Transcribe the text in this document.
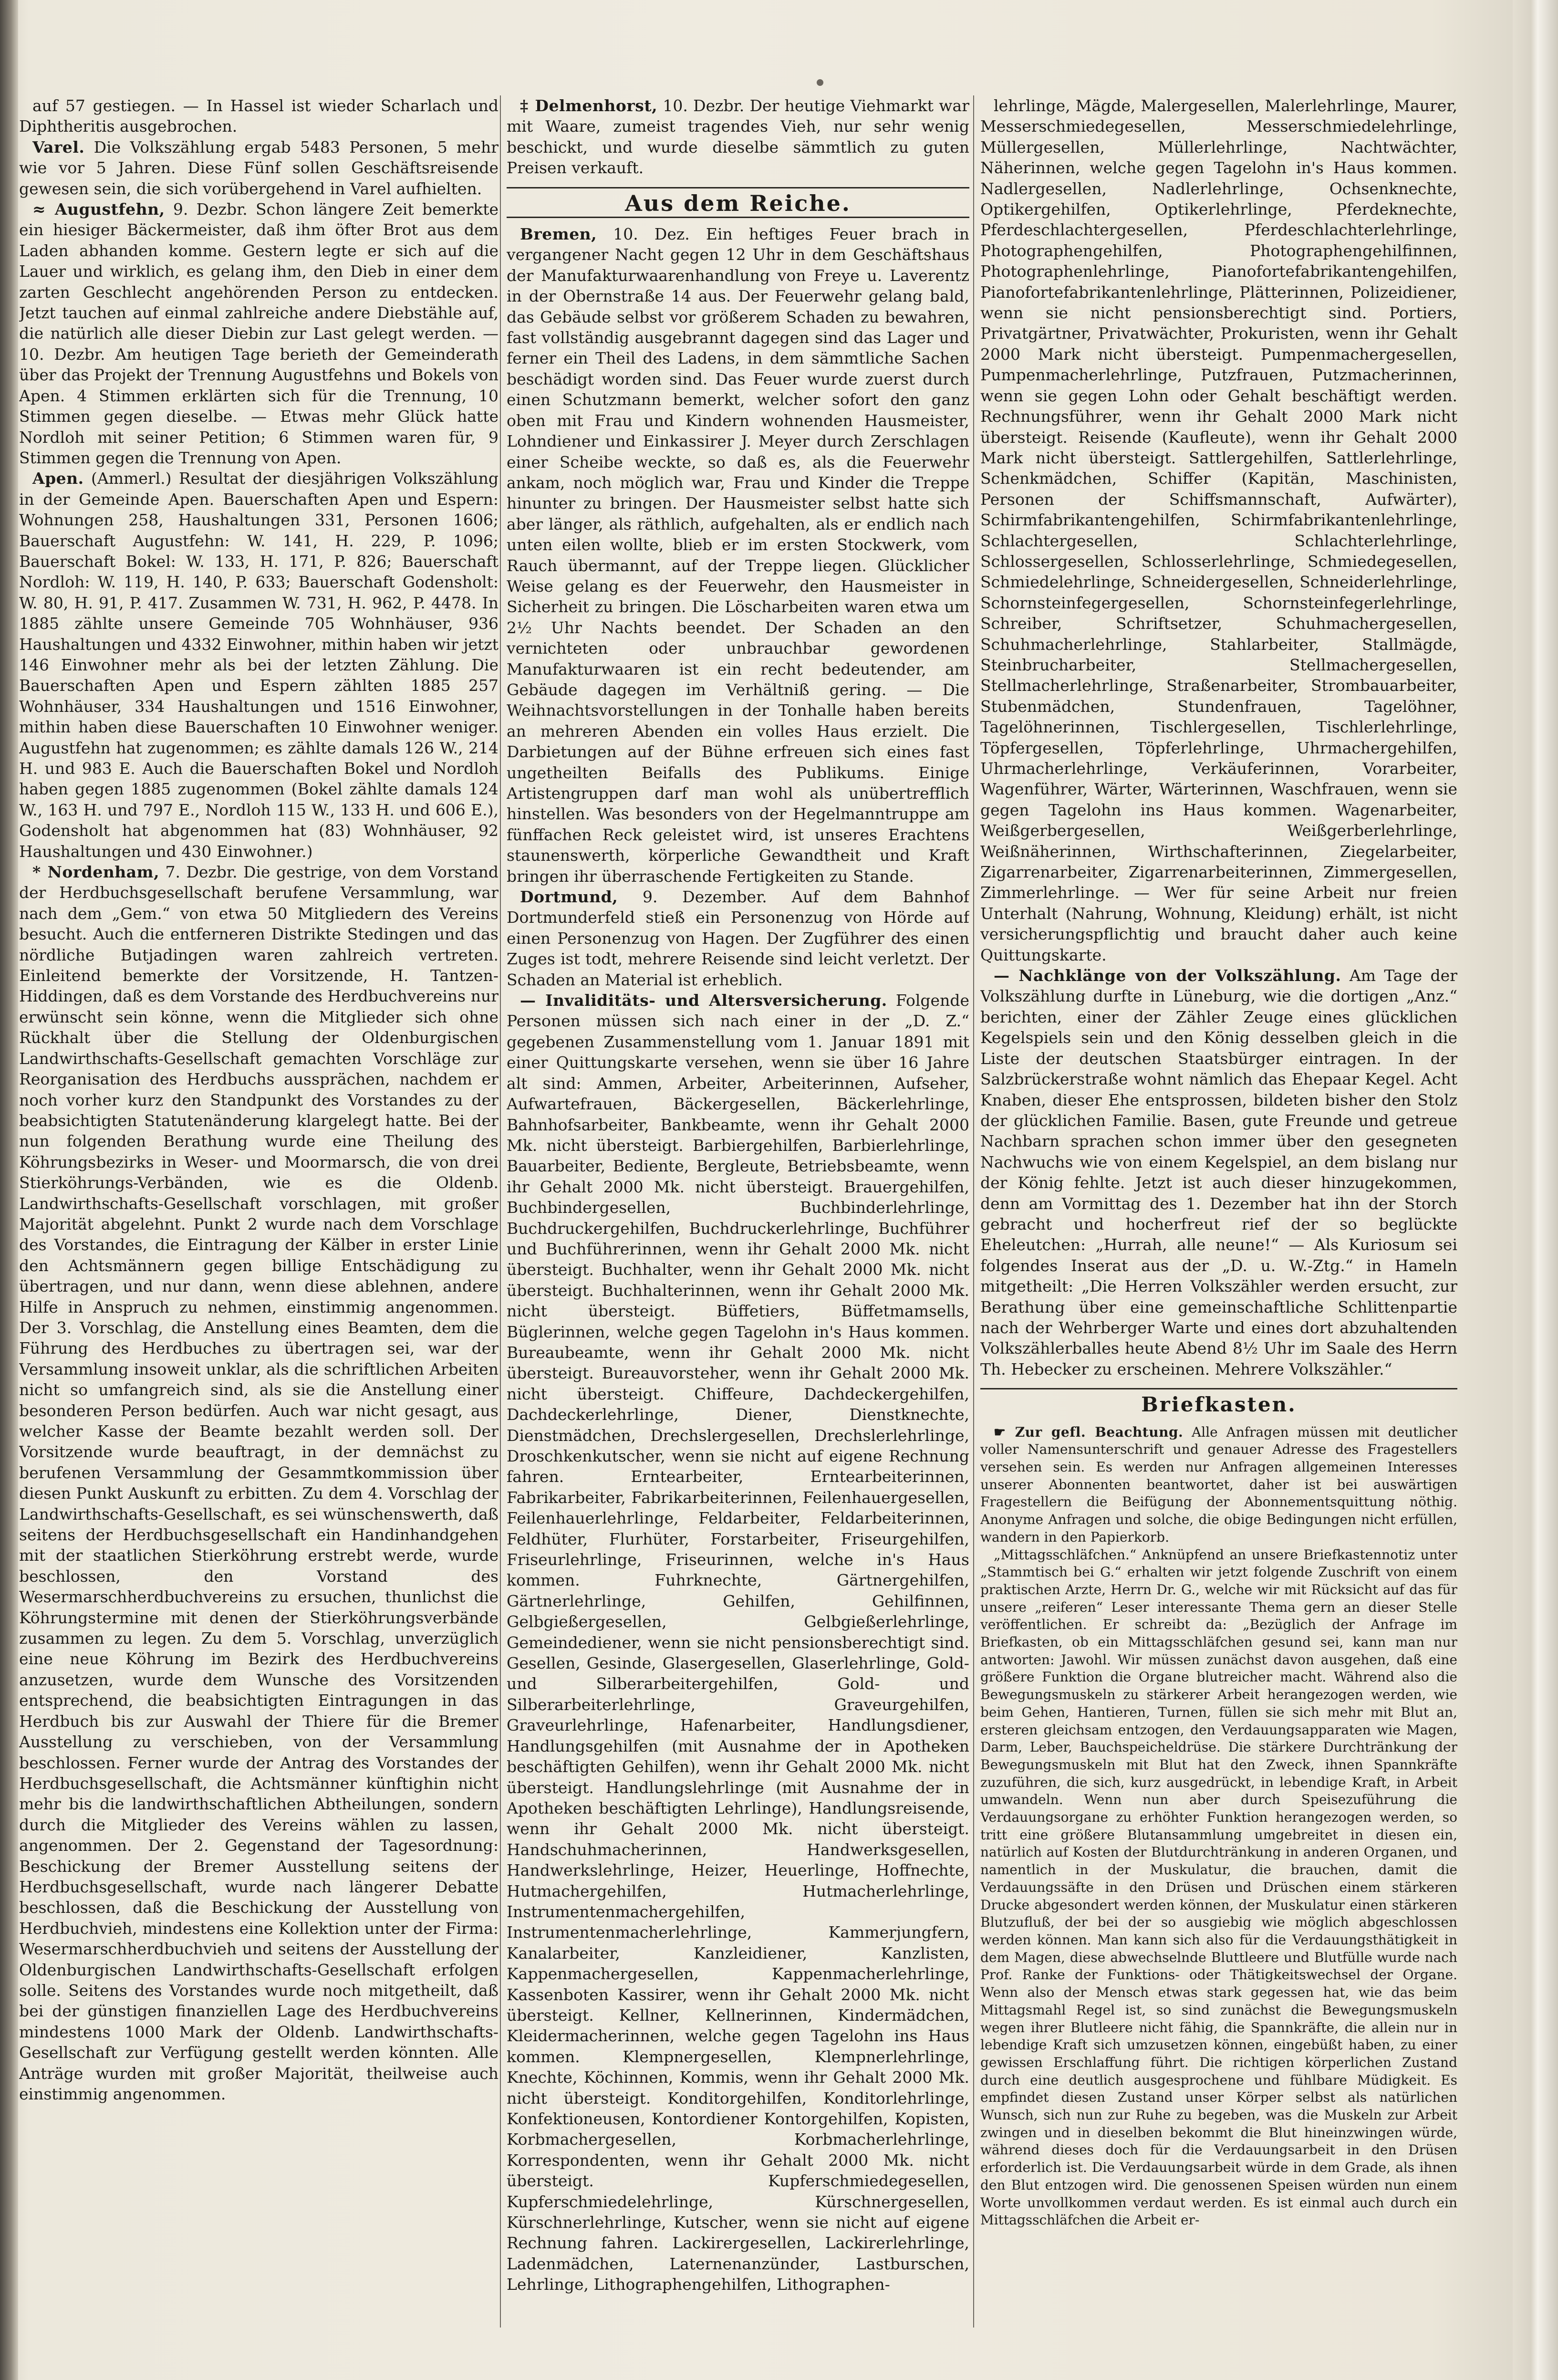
auf 57 gestiegen. — In Hassel ist wieder Scharlach und Diphtheritis ausgebrochen.

Varel. Die Volkszählung ergab 5483 Personen, 5 mehr wie vor 5 Jahren. Diese Fünf sollen Geschäftsreisende gewesen sein, die sich vorübergehend in Varel aufhielten.

≈ Augustfehn, 9. Dezbr. Schon längere Zeit bemerkte ein hiesiger Bäckermeister, daß ihm öfter Brot aus dem Laden abhanden komme. Gestern legte er sich auf die Lauer und wirklich, es gelang ihm, den Dieb in einer dem zarten Geschlecht angehörenden Person zu entdecken. Jetzt tauchen auf einmal zahlreiche andere Diebstähle auf, die natürlich alle dieser Diebin zur Last gelegt werden. — 10. Dezbr. Am heutigen Tage berieth der Gemeinderath über das Projekt der Trennung Augustfehns und Bokels von Apen. 4 Stimmen erklärten sich für die Trennung, 10 Stimmen gegen dieselbe. — Etwas mehr Glück hatte Nordloh mit seiner Petition; 6 Stimmen waren für, 9 Stimmen gegen die Trennung von Apen.

Apen. (Ammerl.) Resultat der diesjährigen Volkszählung in der Gemeinde Apen. Bauerschaften Apen und Espern: Wohnungen 258, Haushaltungen 331, Personen 1606; Bauerschaft Augustfehn: W. 141, H. 229, P. 1096; Bauerschaft Bokel: W. 133, H. 171, P. 826; Bauerschaft Nordloh: W. 119, H. 140, P. 633; Bauerschaft Godensholt: W. 80, H. 91, P. 417. Zusammen W. 731, H. 962, P. 4478. In 1885 zählte unsere Gemeinde 705 Wohnhäuser, 936 Haushaltungen und 4332 Einwohner, mithin haben wir jetzt 146 Einwohner mehr als bei der letzten Zählung. Die Bauerschaften Apen und Espern zählten 1885 257 Wohnhäuser, 334 Haushaltungen und 1516 Einwohner, mithin haben diese Bauerschaften 10 Einwohner weniger. Augustfehn hat zugenommen; es zählte damals 126 W., 214 H. und 983 E. Auch die Bauerschaften Bokel und Nordloh haben gegen 1885 zugenommen (Bokel zählte damals 124 W., 163 H. und 797 E., Nordloh 115 W., 133 H. und 606 E.), Godensholt hat abgenommen hat (83) Wohnhäuser, 92 Haushaltungen und 430 Einwohner.)

* Nordenham, 7. Dezbr. Die gestrige, von dem Vorstand der Herdbuchsgesellschaft berufene Versammlung, war nach dem „Gem.“ von etwa 50 Mitgliedern des Vereins besucht. Auch die entferneren Distrikte Stedingen und das nördliche Butjadingen waren zahlreich vertreten. Einleitend bemerkte der Vorsitzende, H. Tantzen-Hiddingen, daß es dem Vorstande des Herdbuchvereins nur erwünscht sein könne, wenn die Mitglieder sich ohne Rückhalt über die Stellung der Oldenburgischen Landwirthschafts-Gesellschaft gemachten Vorschläge zur Reorganisation des Herdbuchs aussprächen, nachdem er noch vorher kurz den Standpunkt des Vorstandes zu der beabsichtigten Statutenänderung klargelegt hatte. Bei der nun folgenden Berathung wurde eine Theilung des Köhrungsbezirks in Weser- und Moormarsch, die von drei Stierköhrungs-Verbänden, wie es die Oldenb. Landwirthschafts-Gesellschaft vorschlagen, mit großer Majorität abgelehnt. Punkt 2 wurde nach dem Vorschlage des Vorstandes, die Eintragung der Kälber in erster Linie den Achtsmännern gegen billige Entschädigung zu übertragen, und nur dann, wenn diese ablehnen, andere Hilfe in Anspruch zu nehmen, einstimmig angenommen. Der 3. Vorschlag, die Anstellung eines Beamten, dem die Führung des Herdbuches zu übertragen sei, war der Versammlung insoweit unklar, als die schriftlichen Arbeiten nicht so umfangreich sind, als sie die Anstellung einer besonderen Person bedürfen. Auch war nicht gesagt, aus welcher Kasse der Beamte bezahlt werden soll. Der Vorsitzende wurde beauftragt, in der demnächst zu berufenen Versammlung der Gesammtkommission über diesen Punkt Auskunft zu erbitten. Zu dem 4. Vorschlag der Landwirthschafts-Gesellschaft, es sei wünschenswerth, daß seitens der Herdbuchsgesellschaft ein Handinhandgehen mit der staatlichen Stierköhrung erstrebt werde, wurde beschlossen, den Vorstand des Wesermarschherdbuchvereins zu ersuchen, thunlichst die Köhrungstermine mit denen der Stierköhrungsverbände zusammen zu legen. Zu dem 5. Vorschlag, unverzüglich eine neue Köhrung im Bezirk des Herdbuchvereins anzusetzen, wurde dem Wunsche des Vorsitzenden entsprechend, die beabsichtigten Eintragungen in das Herdbuch bis zur Auswahl der Thiere für die Bremer Ausstellung zu verschieben, von der Versammlung beschlossen. Ferner wurde der Antrag des Vorstandes der Herdbuchsgesellschaft, die Achtsmänner künftighin nicht mehr bis die landwirthschaftlichen Abtheilungen, sondern durch die Mitglieder des Vereins wählen zu lassen, angenommen. Der 2. Gegenstand der Tagesordnung: Beschickung der Bremer Ausstellung seitens der Herdbuchsgesellschaft, wurde nach längerer Debatte beschlossen, daß die Beschickung der Ausstellung von Herdbuchvieh, mindestens eine Kollektion unter der Firma: Wesermarschherdbuchvieh und seitens der Ausstellung der Oldenburgischen Landwirthschafts-Gesellschaft erfolgen solle. Seitens des Vorstandes wurde noch mitgetheilt, daß bei der günstigen finanziellen Lage des Herdbuchvereins mindestens 1000 Mark der Oldenb. Landwirthschafts-Gesellschaft zur Verfügung gestellt werden könnten. Alle Anträge wurden mit großer Majorität, theilweise auch einstimmig angenommen.

‡ Delmenhorst, 10. Dezbr. Der heutige Viehmarkt war mit Waare, zumeist tragendes Vieh, nur sehr wenig beschickt, und wurde dieselbe sämmtlich zu guten Preisen verkauft.

Aus dem Reiche.

Bremen, 10. Dez. Ein heftiges Feuer brach in vergangener Nacht gegen 12 Uhr in dem Geschäftshaus der Manufakturwaarenhandlung von Freye u. Laverentz in der Obernstraße 14 aus. Der Feuerwehr gelang bald, das Gebäude selbst vor größerem Schaden zu bewahren, fast vollständig ausgebrannt dagegen sind das Lager und ferner ein Theil des Ladens, in dem sämmtliche Sachen beschädigt worden sind. Das Feuer wurde zuerst durch einen Schutzmann bemerkt, welcher sofort den ganz oben mit Frau und Kindern wohnenden Hausmeister, Lohndiener und Einkassirer J. Meyer durch Zerschlagen einer Scheibe weckte, so daß es, als die Feuerwehr ankam, noch möglich war, Frau und Kinder die Treppe hinunter zu bringen. Der Hausmeister selbst hatte sich aber länger, als räthlich, aufgehalten, als er endlich nach unten eilen wollte, blieb er im ersten Stockwerk, vom Rauch übermannt, auf der Treppe liegen. Glücklicher Weise gelang es der Feuerwehr, den Hausmeister in Sicherheit zu bringen. Die Löscharbeiten waren etwa um 2½ Uhr Nachts beendet. Der Schaden an den vernichteten oder unbrauchbar gewordenen Manufakturwaaren ist ein recht bedeutender, am Gebäude dagegen im Verhältniß gering. — Die Weihnachtsvorstellungen in der Tonhalle haben bereits an mehreren Abenden ein volles Haus erzielt. Die Darbietungen auf der Bühne erfreuen sich eines fast ungetheilten Beifalls des Publikums. Einige Artistengruppen darf man wohl als unübertrefflich hinstellen. Was besonders von der Hegelmanntruppe am fünffachen Reck geleistet wird, ist unseres Erachtens staunenswerth, körperliche Gewandtheit und Kraft bringen ihr überraschende Fertigkeiten zu Stande.

Dortmund, 9. Dezember. Auf dem Bahnhof Dortmunderfeld stieß ein Personenzug von Hörde auf einen Personenzug von Hagen. Der Zugführer des einen Zuges ist todt, mehrere Reisende sind leicht verletzt. Der Schaden an Material ist erheblich.

— Invaliditäts- und Altersversicherung. Folgende Personen müssen sich nach einer in der „D. Z.“ gegebenen Zusammenstellung vom 1. Januar 1891 mit einer Quittungskarte versehen, wenn sie über 16 Jahre alt sind: Ammen, Arbeiter, Arbeiterinnen, Aufseher, Aufwartefrauen, Bäckergesellen, Bäckerlehrlinge, Bahnhofsarbeiter, Bankbeamte, wenn ihr Gehalt 2000 Mk. nicht übersteigt. Barbiergehilfen, Barbierlehrlinge, Bauarbeiter, Bediente, Bergleute, Betriebsbeamte, wenn ihr Gehalt 2000 Mk. nicht übersteigt. Brauergehilfen, Buchbindergesellen, Buchbinderlehrlinge, Buchdruckergehilfen, Buchdruckerlehrlinge, Buchführer und Buchführerinnen, wenn ihr Gehalt 2000 Mk. nicht übersteigt. Buchhalter, wenn ihr Gehalt 2000 Mk. nicht übersteigt. Buchhalterinnen, wenn ihr Gehalt 2000 Mk. nicht übersteigt. Büffetiers, Büffetmamsells, Büglerinnen, welche gegen Tagelohn in's Haus kommen. Bureaubeamte, wenn ihr Gehalt 2000 Mk. nicht übersteigt. Bureauvorsteher, wenn ihr Gehalt 2000 Mk. nicht übersteigt. Chiffeure, Dachdeckergehilfen, Dachdeckerlehrlinge, Diener, Dienstknechte, Dienstmädchen, Drechslergesellen, Drechslerlehrlinge, Droschkenkutscher, wenn sie nicht auf eigene Rechnung fahren. Erntearbeiter, Erntearbeiterinnen, Fabrikarbeiter, Fabrikarbeiterinnen, Feilenhauergesellen, Feilenhauerlehrlinge, Feldarbeiter, Feldarbeiterinnen, Feldhüter, Flurhüter, Forstarbeiter, Friseurgehilfen, Friseurlehrlinge, Friseurinnen, welche in's Haus kommen. Fuhrknechte, Gärtnergehilfen, Gärtnerlehrlinge, Gehilfen, Gehilfinnen, Gelbgießergesellen, Gelbgießerlehrlinge, Gemeindediener, wenn sie nicht pensionsberechtigt sind. Gesellen, Gesinde, Glasergesellen, Glaserlehrlinge, Gold- und Silberarbeitergehilfen, Gold- und Silberarbeiterlehrlinge, Graveurgehilfen, Graveurlehrlinge, Hafenarbeiter, Handlungsdiener, Handlungsgehilfen (mit Ausnahme der in Apotheken beschäftigten Gehilfen), wenn ihr Gehalt 2000 Mk. nicht übersteigt. Handlungslehrlinge (mit Ausnahme der in Apotheken beschäftigten Lehrlinge), Handlungsreisende, wenn ihr Gehalt 2000 Mk. nicht übersteigt. Handschuhmacherinnen, Handwerksgesellen, Handwerkslehrlinge, Heizer, Heuerlinge, Hoffnechte, Hutmachergehilfen, Hutmacherlehrlinge, Instrumentenmachergehilfen, Instrumentenmacherlehrlinge, Kammerjungfern, Kanalarbeiter, Kanzleidiener, Kanzlisten, Kappenmachergesellen, Kappenmacherlehrlinge, Kassenboten Kassirer, wenn ihr Gehalt 2000 Mk. nicht übersteigt. Kellner, Kellnerinnen, Kindermädchen, Kleidermacherinnen, welche gegen Tagelohn ins Haus kommen. Klempnergesellen, Klempnerlehrlinge, Knechte, Köchinnen, Kommis, wenn ihr Gehalt 2000 Mk. nicht übersteigt. Konditorgehilfen, Konditorlehrlinge, Konfektioneusen, Kontordiener Kontorgehilfen, Kopisten, Korbmachergesellen, Korbmacherlehrlinge, Korrespondenten, wenn ihr Gehalt 2000 Mk. nicht übersteigt. Kupferschmiedegesellen, Kupferschmiedelehrlinge, Kürschnergesellen, Kürschnerlehrlinge, Kutscher, wenn sie nicht auf eigene Rechnung fahren. Lackirergesellen, Lackirerlehrlinge, Ladenmädchen, Laternenanzünder, Lastburschen, Lehrlinge, Lithographengehilfen, Lithographen-

lehrlinge, Mägde, Malergesellen, Malerlehrlinge, Maurer, Messerschmiedegesellen, Messerschmiedelehrlinge, Müllergesellen, Müllerlehrlinge, Nachtwächter, Näherinnen, welche gegen Tagelohn in's Haus kommen. Nadlergesellen, Nadlerlehrlinge, Ochsenknechte, Optikergehilfen, Optikerlehrlinge, Pferdeknechte, Pferdeschlachtergesellen, Pferdeschlachterlehrlinge, Photographengehilfen, Photographengehilfinnen, Photographenlehrlinge, Pianofortefabrikantengehilfen, Pianofortefabrikantenlehrlinge, Plätterinnen, Polizeidiener, wenn sie nicht pensionsberechtigt sind. Portiers, Privatgärtner, Privatwächter, Prokuristen, wenn ihr Gehalt 2000 Mark nicht übersteigt. Pumpenmachergesellen, Pumpenmacherlehrlinge, Putzfrauen, Putzmacherinnen, wenn sie gegen Lohn oder Gehalt beschäftigt werden. Rechnungsführer, wenn ihr Gehalt 2000 Mark nicht übersteigt. Reisende (Kaufleute), wenn ihr Gehalt 2000 Mark nicht übersteigt. Sattlergehilfen, Sattlerlehrlinge, Schenkmädchen, Schiffer (Kapitän, Maschinisten, Personen der Schiffsmannschaft, Aufwärter), Schirmfabrikantengehilfen, Schirmfabrikantenlehrlinge, Schlachtergesellen, Schlachterlehrlinge, Schlossergesellen, Schlosserlehrlinge, Schmiedegesellen, Schmiedelehrlinge, Schneidergesellen, Schneiderlehrlinge, Schornsteinfegergesellen, Schornsteinfegerlehrlinge, Schreiber, Schriftsetzer, Schuhmachergesellen, Schuhmacherlehrlinge, Stahlarbeiter, Stallmägde, Steinbrucharbeiter, Stellmachergesellen, Stellmacherlehrlinge, Straßenarbeiter, Strombauarbeiter, Stubenmädchen, Stundenfrauen, Tagelöhner, Tagelöhnerinnen, Tischlergesellen, Tischlerlehrlinge, Töpfergesellen, Töpferlehrlinge, Uhrmachergehilfen, Uhrmacherlehrlinge, Verkäuferinnen, Vorarbeiter, Wagenführer, Wärter, Wärterinnen, Waschfrauen, wenn sie gegen Tagelohn ins Haus kommen. Wagenarbeiter, Weißgerbergesellen, Weißgerberlehrlinge, Weißnäherinnen, Wirthschafterinnen, Ziegelarbeiter, Zigarrenarbeiter, Zigarrenarbeiterinnen, Zimmergesellen, Zimmerlehrlinge. — Wer für seine Arbeit nur freien Unterhalt (Nahrung, Wohnung, Kleidung) erhält, ist nicht versicherungspflichtig und braucht daher auch keine Quittungskarte.

— Nachklänge von der Volkszählung. Am Tage der Volkszählung durfte in Lüneburg, wie die dortigen „Anz.“ berichten, einer der Zähler Zeuge eines glücklichen Kegelspiels sein und den König desselben gleich in die Liste der deutschen Staatsbürger eintragen. In der Salzbrückerstraße wohnt nämlich das Ehepaar Kegel. Acht Knaben, dieser Ehe entsprossen, bildeten bisher den Stolz der glücklichen Familie. Basen, gute Freunde und getreue Nachbarn sprachen schon immer über den gesegneten Nachwuchs wie von einem Kegelspiel, an dem bislang nur der König fehlte. Jetzt ist auch dieser hinzugekommen, denn am Vormittag des 1. Dezember hat ihn der Storch gebracht und hocherfreut rief der so beglückte Eheleutchen: „Hurrah, alle neune!“ — Als Kuriosum sei folgendes Inserat aus der „D. u. W.-Ztg.“ in Hameln mitgetheilt: „Die Herren Volkszähler werden ersucht, zur Berathung über eine gemeinschaftliche Schlittenpartie nach der Wehrberger Warte und eines dort abzuhaltenden Volkszählerballes heute Abend 8½ Uhr im Saale des Herrn Th. Hebecker zu erscheinen. Mehrere Volkszähler.“

Briefkasten.

☛ Zur gefl. Beachtung. Alle Anfragen müssen mit deutlicher voller Namensunterschrift und genauer Adresse des Fragestellers versehen sein. Es werden nur Anfragen allgemeinen Interesses unserer Abonnenten beantwortet, daher ist bei auswärtigen Fragestellern die Beifügung der Abonnementsquittung nöthig. Anonyme Anfragen und solche, die obige Bedingungen nicht erfüllen, wandern in den Papierkorb.

„Mittagsschläfchen.“ Anknüpfend an unsere Briefkastennotiz unter „Stammtisch bei G.“ erhalten wir jetzt folgende Zuschrift von einem praktischen Arzte, Herrn Dr. G., welche wir mit Rücksicht auf das für unsere „reiferen“ Leser interessante Thema gern an dieser Stelle veröffentlichen. Er schreibt da: „Bezüglich der Anfrage im Briefkasten, ob ein Mittagsschläfchen gesund sei, kann man nur antworten: Jawohl. Wir müssen zunächst davon ausgehen, daß eine größere Funktion die Organe blutreicher macht. Während also die Bewegungsmuskeln zu stärkerer Arbeit herangezogen werden, wie beim Gehen, Hantieren, Turnen, füllen sie sich mehr mit Blut an, ersteren gleichsam entzogen, den Verdauungsapparaten wie Magen, Darm, Leber, Bauchspeicheldrüse. Die stärkere Durchtränkung der Bewegungsmuskeln mit Blut hat den Zweck, ihnen Spannkräfte zuzuführen, die sich, kurz ausgedrückt, in lebendige Kraft, in Arbeit umwandeln. Wenn nun aber durch Speisezuführung die Verdauungsorgane zu erhöhter Funktion herangezogen werden, so tritt eine größere Blutansammlung umgebreitet in diesen ein, natürlich auf Kosten der Blutdurchtränkung in anderen Organen, und namentlich in der Muskulatur, die brauchen, damit die Verdauungssäfte in den Drüsen und Drüschen einem stärkeren Drucke abgesondert werden können, der Muskulatur einen stärkeren Blutzufluß, der bei der so ausgiebig wie möglich abgeschlossen werden können. Man kann sich also für die Verdauungsthätigkeit in dem Magen, diese abwechselnde Bluttleere und Blutfülle wurde nach Prof. Ranke der Funktions- oder Thätigkeitswechsel der Organe. Wenn also der Mensch etwas stark gegessen hat, wie das beim Mittagsmahl Regel ist, so sind zunächst die Bewegungsmuskeln wegen ihrer Blutleere nicht fähig, die Spannkräfte, die allein nur in lebendige Kraft sich umzusetzen können, eingebüßt haben, zu einer gewissen Erschlaffung führt. Die richtigen körperlichen Zustand durch eine deutlich ausgesprochene und fühlbare Müdigkeit. Es empfindet diesen Zustand unser Körper selbst als natürlichen Wunsch, sich nun zur Ruhe zu begeben, was die Muskeln zur Arbeit zwingen und in dieselben bekommt die Blut hineinzwingen würde, während dieses doch für die Verdauungsarbeit in den Drüsen erforderlich ist. Die Verdauungsarbeit würde in dem Grade, als ihnen den Blut entzogen wird. Die genossenen Speisen würden nun einem Worte unvollkommen verdaut werden. Es ist einmal auch durch ein Mittagsschläfchen die Arbeit er-
